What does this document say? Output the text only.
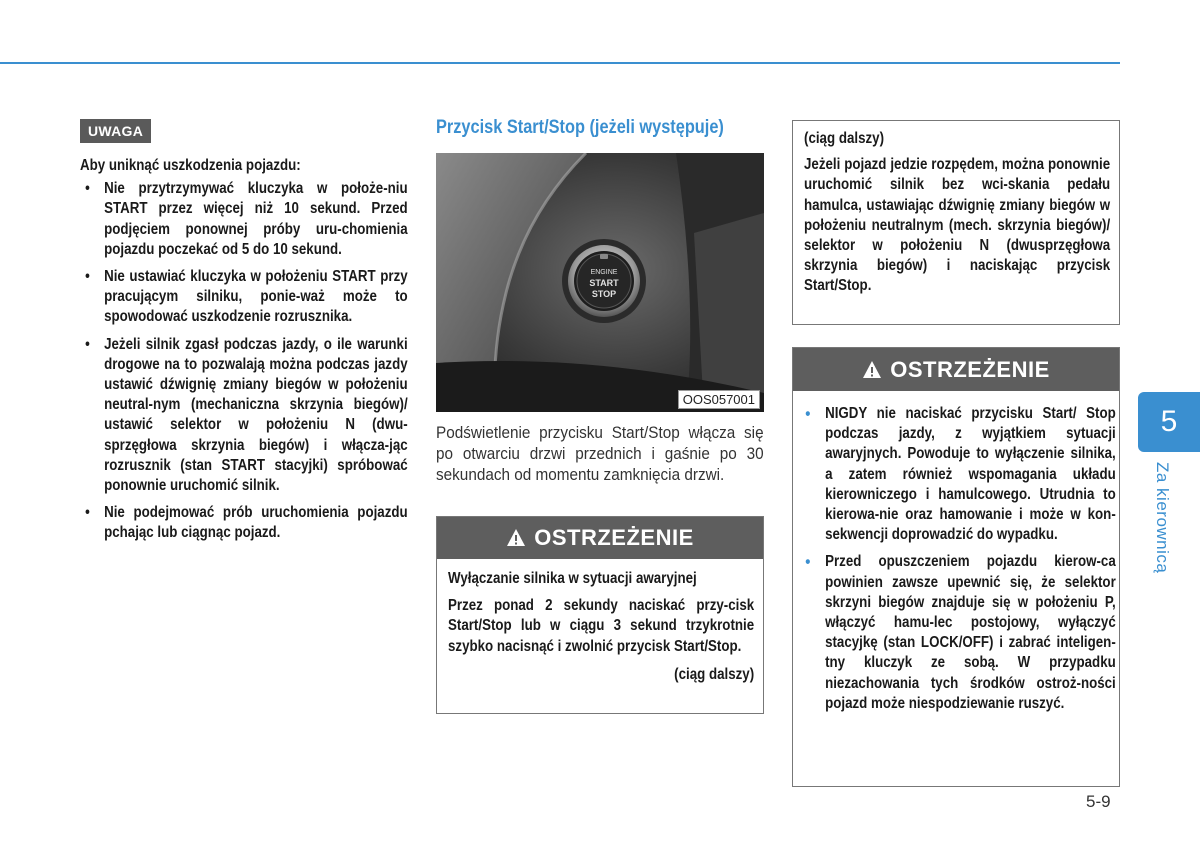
UWAGA
Aby uniknąć uszkodzenia pojazdu:
• Nie przytrzymywać kluczyka w położe-niu START przez więcej niż 10 sekund. Przed podjęciem ponownej próby uru-chomienia pojazdu poczekać od 5 do 10 sekund.
• Nie ustawiać kluczyka w położeniu START przy pracującym silniku, ponie-waż może to spowodować uszkodzenie rozrusznika.
• Jeżeli silnik zgasł podczas jazdy, o ile warunki drogowe na to pozwalają można podczas jazdy ustawić dźwignię zmiany biegów w położeniu neutral-nym (mechaniczna skrzynia biegów)/ ustawić selektor w położeniu N (dwu-sprzęgłowa skrzynia biegów) i włącza-jąc rozrusznik (stan START stacyjki) spróbować ponownie uruchomić silnik.
• Nie podejmować prób uruchomienia pojazdu pchając lub ciągnąc pojazd.
Przycisk Start/Stop (jeżeli występuje)
ENGINE
START
STOP
OOS057001
Podświetlenie przycisku Start/Stop włącza się po otwarciu drzwi przednich i gaśnie po 30 sekundach od momentu zamknięcia drzwi.
OSTRZEŻENIE
Wyłączanie silnika w sytuacji awaryjnej
Przez ponad 2 sekundy naciskać przy-cisk Start/Stop lub w ciągu 3 sekund trzykrotnie szybko nacisnąć i zwolnić przycisk Start/Stop.
(ciąg dalszy)
(ciąg dalszy)
Jeżeli pojazd jedzie rozpędem, można ponownie uruchomić silnik bez wci-skania pedału hamulca, ustawiając dźwignię zmiany biegów w położeniu neutralnym (mech. skrzynia biegów)/ selektor w położeniu N (dwusprzęgłowa skrzynia biegów) i naciskając przycisk Start/Stop.
OSTRZEŻENIE
• NIGDY nie naciskać przycisku Start/ Stop podczas jazdy, z wyjątkiem sytuacji awaryjnych. Powoduje to wyłączenie silnika, a zatem również wspomagania układu kierowniczego i hamulcowego. Utrudnia to kierowa-nie oraz hamowanie i może w kon-sekwencji doprowadzić do wypadku.
• Przed opuszczeniem pojazdu kierow-ca powinien zawsze upewnić się, że selektor skrzyni biegów znajduje się w położeniu P, włączyć hamu-lec postojowy, wyłączyć stacyjkę (stan LOCK/OFF) i zabrać inteligen-tny kluczyk ze sobą. W przypadku niezachowania tych środków ostroż-ności pojazd może niespodziewanie ruszyć.
5
Za kierownicą
5-9
